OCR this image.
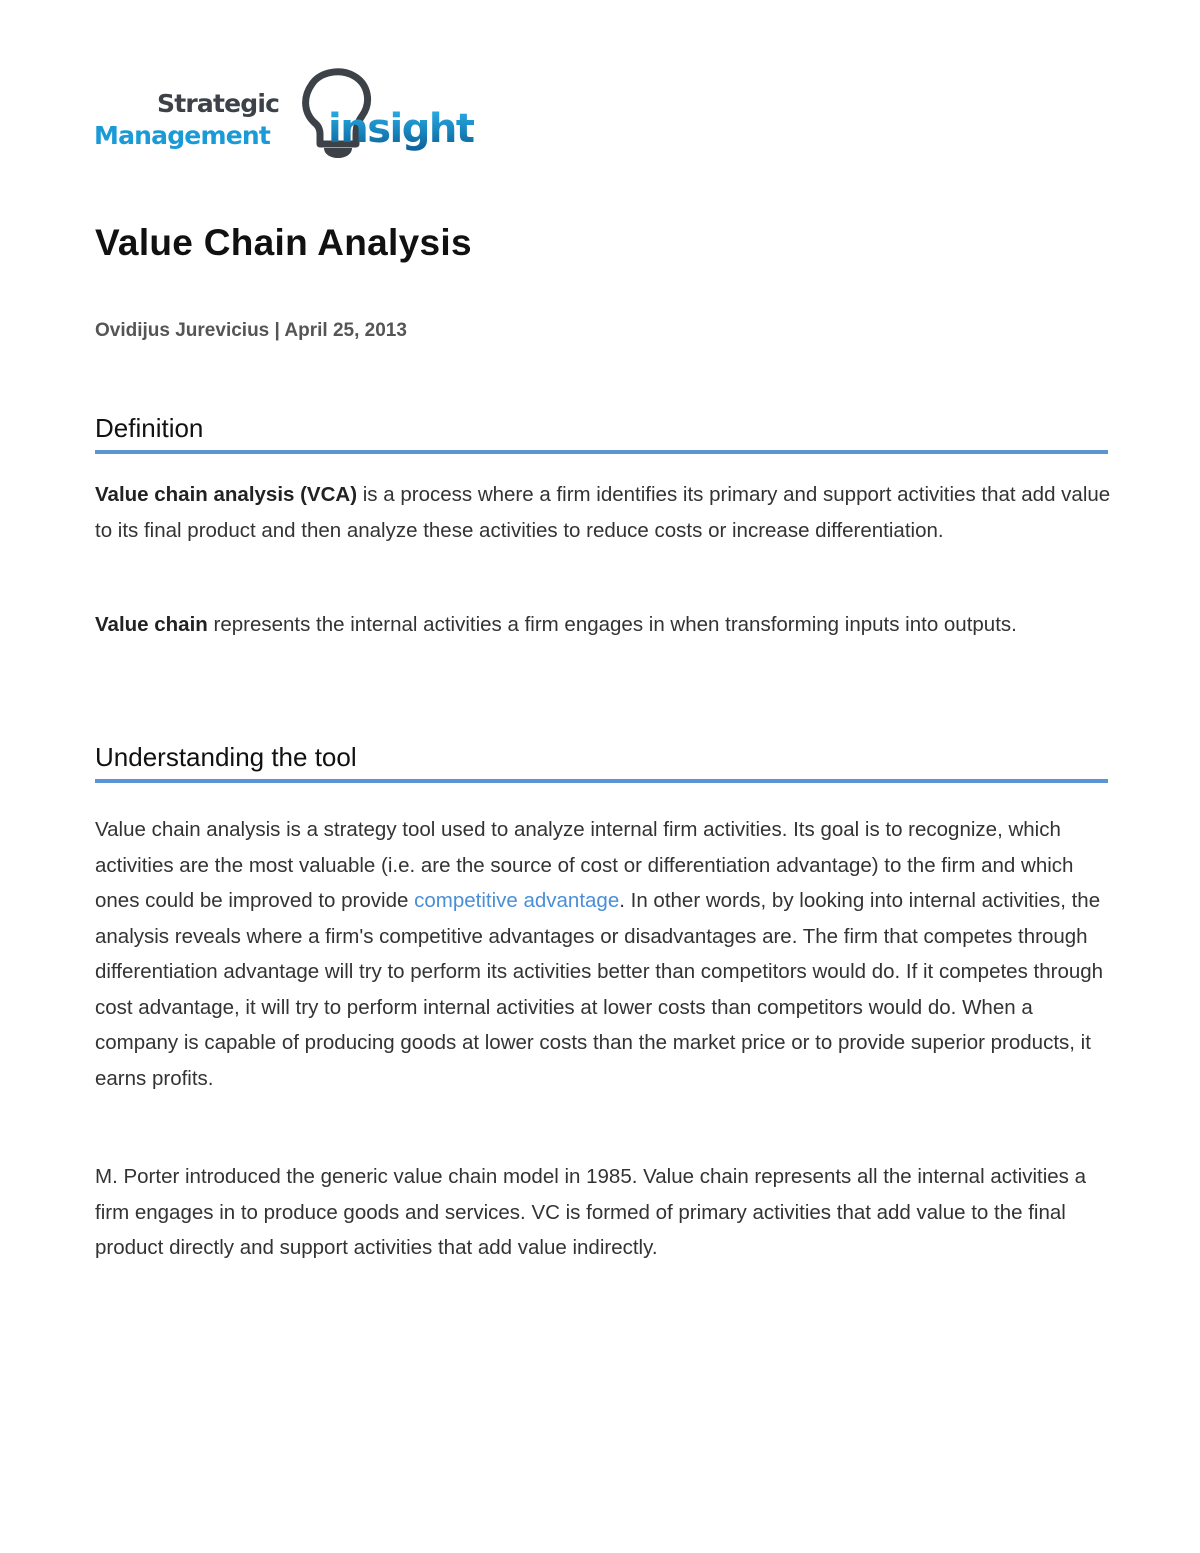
Strategic
Management insight
Value Chain Analysis

Ovidijus Jurevicius | April 25, 2013

Definition

Value chain analysis (VCA) is a process where a firm identifies its primary and support activities that add value to its final product and then analyze these activities to reduce costs or increase differentiation.

Value chain represents the internal activities a firm engages in when transforming inputs into outputs.

Understanding the tool

Value chain analysis is a strategy tool used to analyze internal firm activities. Its goal is to recognize, which activities are the most valuable (i.e. are the source of cost or differentiation advantage) to the firm and which ones could be improved to provide competitive advantage. In other words, by looking into internal activities, the analysis reveals where a firm's competitive advantages or disadvantages are. The firm that competes through differentiation advantage will try to perform its activities better than competitors would do. If it competes through cost advantage, it will try to perform internal activities at lower costs than competitors would do. When a company is capable of producing goods at lower costs than the market price or to provide superior products, it earns profits.

M. Porter introduced the generic value chain model in 1985. Value chain represents all the internal activities a firm engages in to produce goods and services. VC is formed of primary activities that add value to the final product directly and support activities that add value indirectly.
